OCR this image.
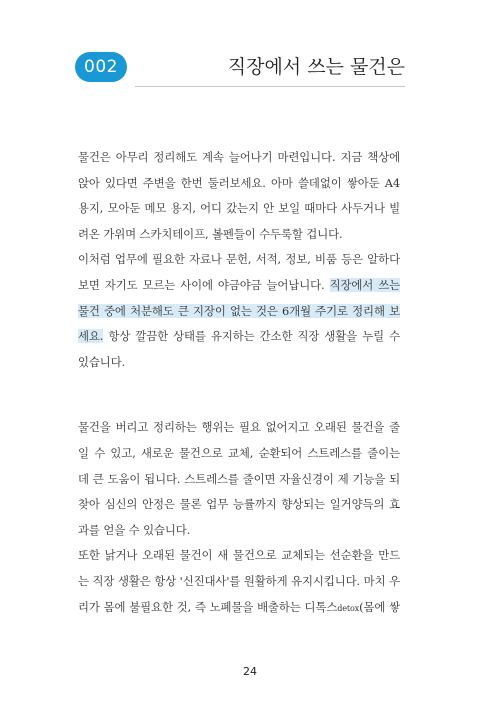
002	직장에서 쓰는 물건은
물건은 아무리 정리해도 계속 늘어나기 마련입니다. 지금 책상에
앉아 있다면 주변을 한번 둘러보세요. 아마 쓸데없이 쌓아둔 A4
용지, 모아둔 메모 용지, 어디 갔는지 안 보일 때마다 사두거나 빌
려온 가위며 스카치테이프, 볼펜들이 수두룩할 겁니다.
이처럼 업무에 필요한 자료나 문헌, 서적, 정보, 비품 등은 알하다
보면 자기도 모르는 사이에 야금야금 늘어납니다. 직장에서 쓰는
물건 중에 처분해도 큰 지장이 없는 것은 6개월 주기로 정리해 보
세요. 항상 깔끔한 상태를 유지하는 간소한 직장 생활을 누릴 수
있습니다.
물건을 버리고 정리하는 행위는 필요 없어지고 오래된 물건을 줄
일 수 있고, 새로운 물건으로 교체, 순환되어 스트레스를 줄이는
데 큰 도움이 됩니다. 스트레스를 줄이면 자율신경이 제 기능을 되
찾아 심신의 안정은 물론 업무 능률까지 향상되는 일거양득의 효
과를 얻을 수 있습니다.
또한 낡거나 오래된 물건이 새 물건으로 교체되는 선순환을 만드
는 직장 생활은 항상 '신진대사'를 원활하게 유지시킵니다. 마치 우
리가 몸에 불필요한 것, 즉 노폐물을 배출하는 디톡스detox(몸에 쌓
24
